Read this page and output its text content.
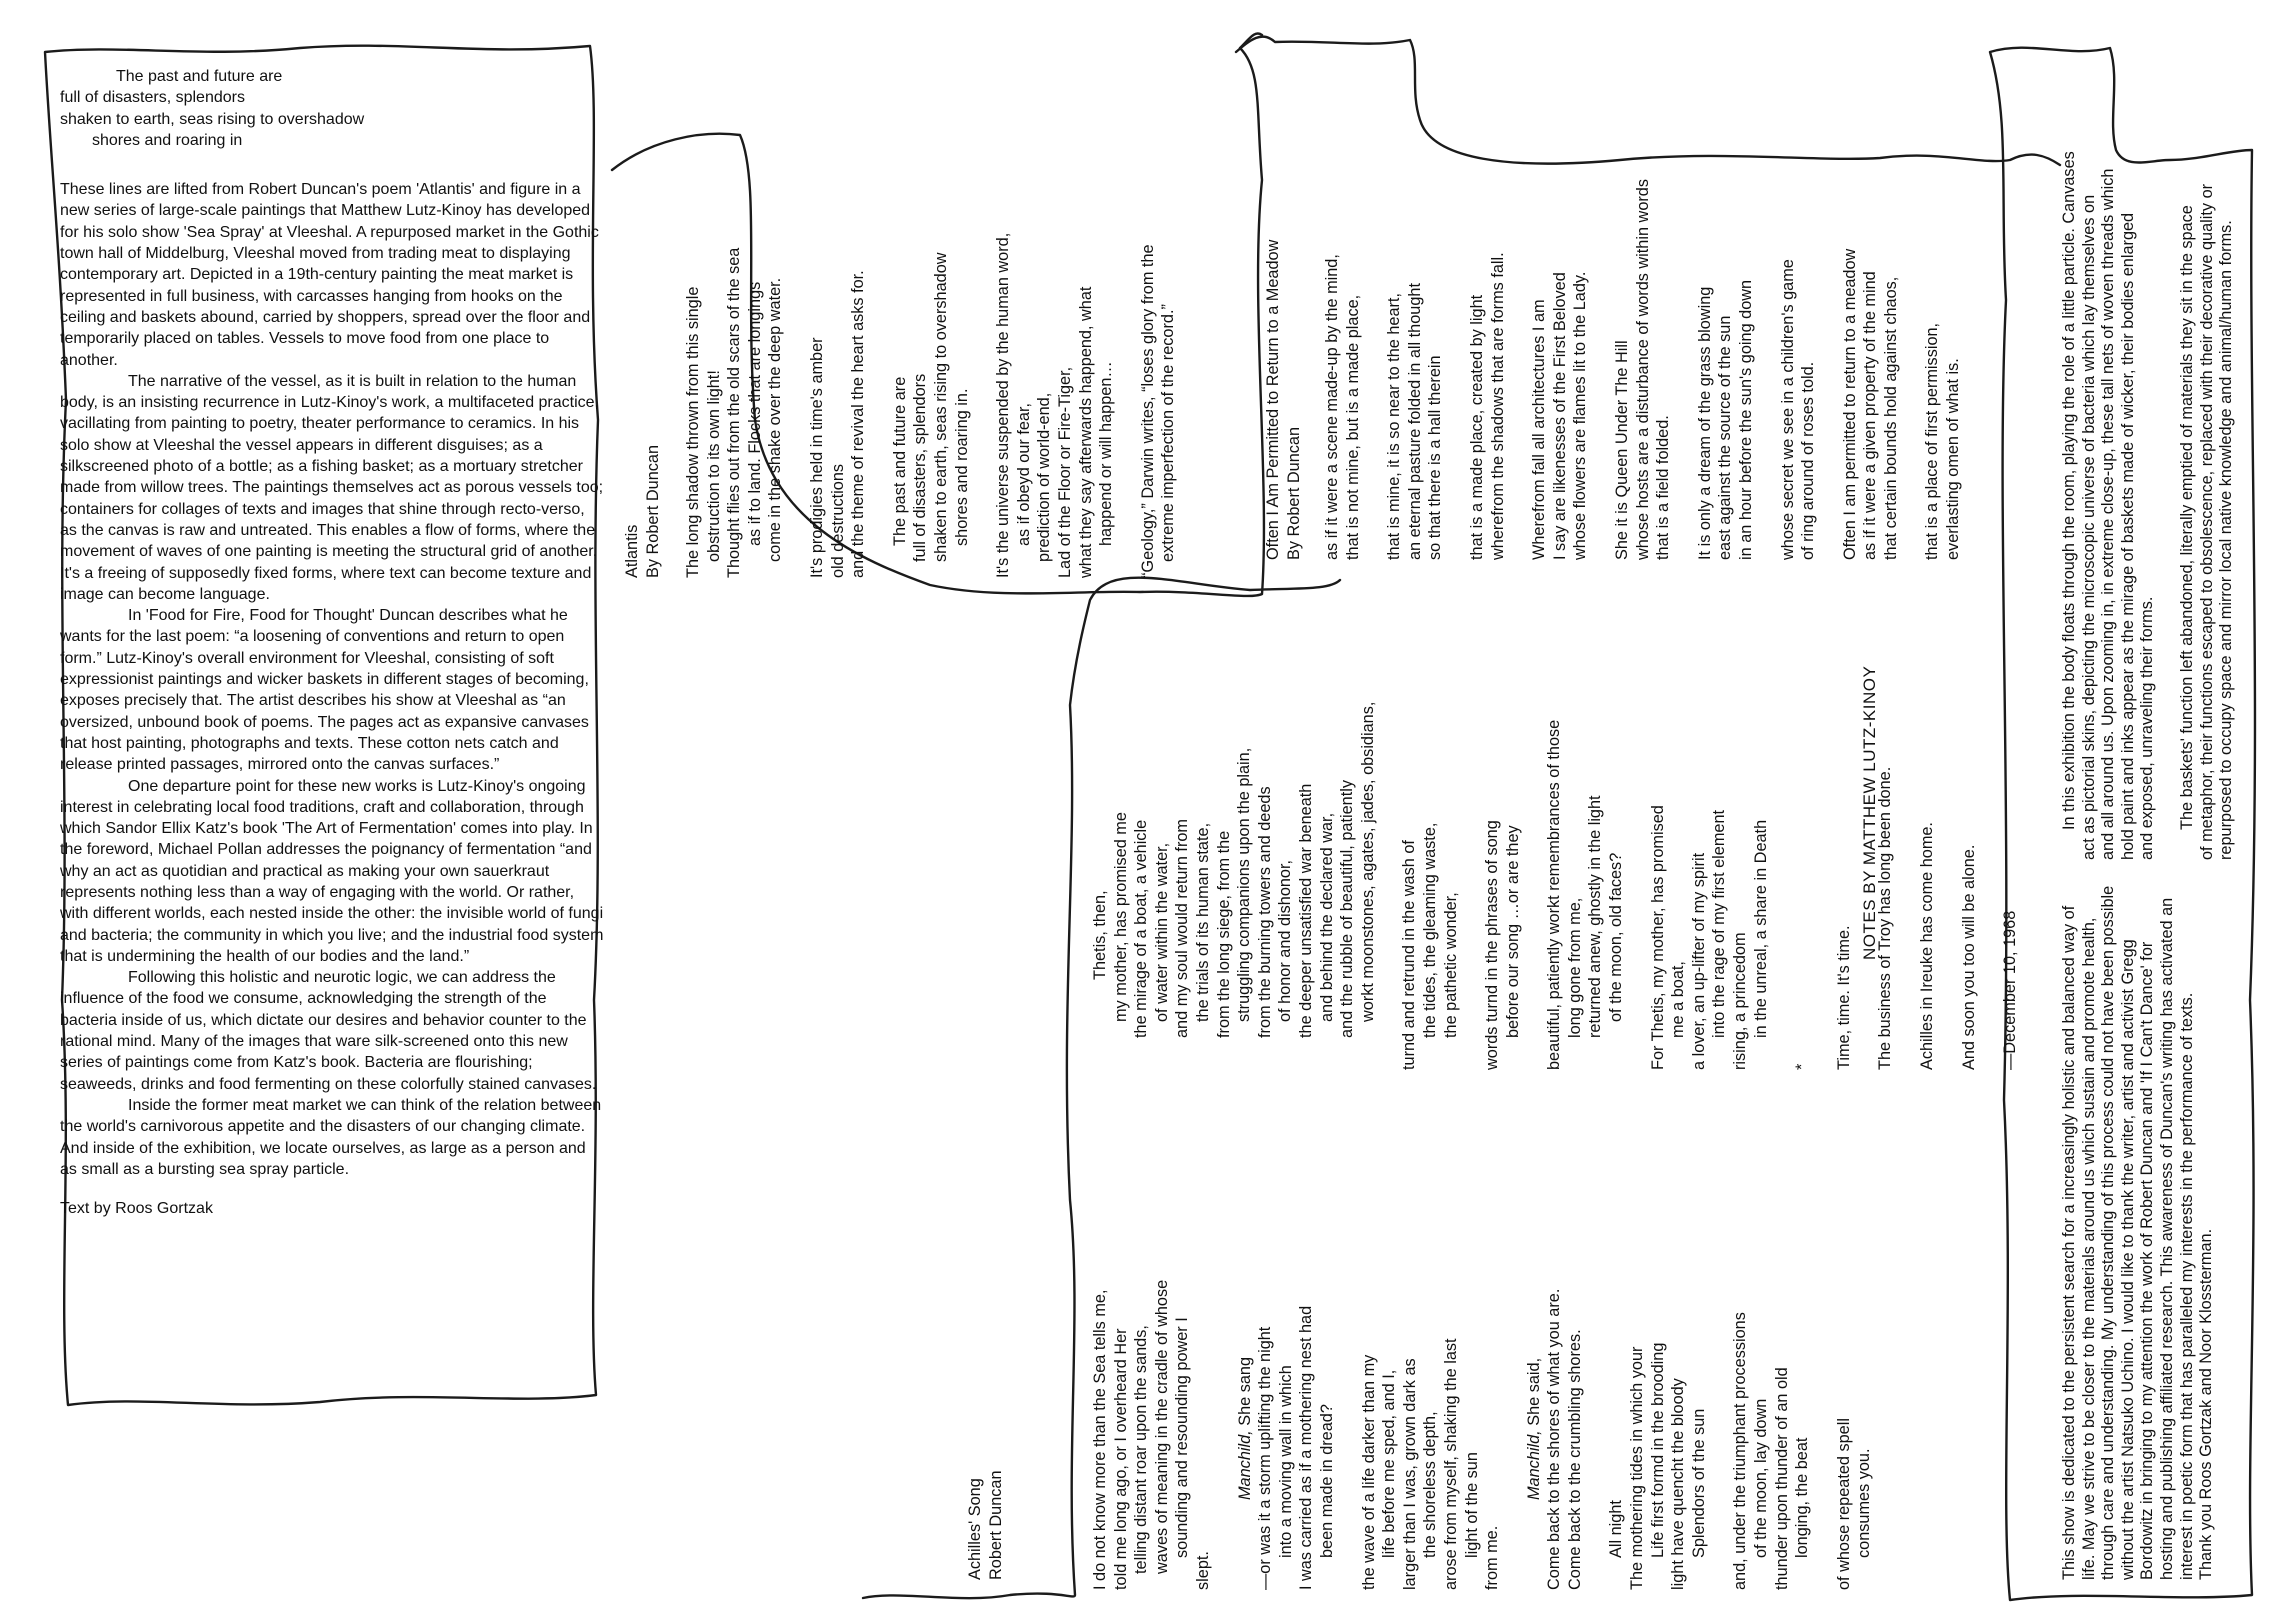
The past and future are
full of disasters, splendors
shaken to earth, seas rising to overshadow
shores and roaring in

These lines are lifted from Robert Duncan's poem 'Atlantis' and figure in a new series of large-scale paintings that Matthew Lutz-Kinoy has developed for his solo show 'Sea Spray' at Vleeshal. A repurposed market in the Gothic town hall of Middelburg, Vleeshal moved from trading meat to displaying contemporary art. Depicted in a 19th-century painting the meat market is represented in full business, with carcasses hanging from hooks on the ceiling and baskets abound, carried by shoppers, spread over the floor and temporarily placed on tables. Vessels to move food from one place to another.

The narrative of the vessel, as it is built in relation to the human body, is an insisting recurrence in Lutz-Kinoy's work, a multifaceted practice, vacillating from painting to poetry, theater performance to ceramics. In his solo show at Vleeshal the vessel appears in different disguises; as a silkscreened photo of a bottle; as a fishing basket; as a mortuary stretcher made from willow trees. The paintings themselves act as porous vessels too; containers for collages of texts and images that shine through recto-verso, as the canvas is raw and untreated. This enables a flow of forms, where the movement of waves of one painting is meeting the structural grid of another. It's a freeing of supposedly fixed forms, where text can become texture and image can become language.

In 'Food for Fire, Food for Thought' Duncan describes what he wants for the last poem: “a loosening of conventions and return to open form.” Lutz-Kinoy's overall environment for Vleeshal, consisting of soft expressionist paintings and wicker baskets in different stages of becoming, exposes precisely that. The artist describes his show at Vleeshal as “an oversized, unbound book of poems. The pages act as expansive canvases that host painting, photographs and texts. These cotton nets catch and release printed passages, mirrored onto the canvas surfaces.”

One departure point for these new works is Lutz-Kinoy's ongoing interest in celebrating local food traditions, craft and collaboration, through which Sandor Ellix Katz's book 'The Art of Fermentation' comes into play. In the foreword, Michael Pollan addresses the poignancy of fermentation “and why an act as quotidian and practical as making your own sauerkraut represents nothing less than a way of engaging with the world. Or rather, with different worlds, each nested inside the other: the invisible world of fungi and bacteria; the community in which you live; and the industrial food system that is undermining the health of our bodies and the land.”

Following this holistic and neurotic logic, we can address the influence of the food we consume, acknowledging the strength of the bacteria inside of us, which dictate our desires and behavior counter to the rational mind. Many of the images that ware silk-screened onto this new series of paintings come from Katz's book. Bacteria are flourishing; seaweeds, drinks and food fermenting on these colorfully stained canvases.

Inside the former meat market we can think of the relation between the world's carnivorous appetite and the disasters of our changing climate. And inside of the exhibition, we locate ourselves, as large as a person and as small as a bursting sea spray particle.

Text by Roos Gortzak

Atlantis By Robert Duncan The long shadow thrown from this single obstruction to its own light! Thought flies out from the old scars of the sea as if to land. Flocks that are longings come in the shake over the deep water. It's prodigies held in time's amber old destructions and the theme of revival the heart asks for. The past and future are full of disasters, splendors shaken to earth, seas rising to overshadow shores and roaring in. It's the universe suspended by the human word, as if obeyd our fear, prediction of world-end, Lad of the Floor or Fire-Tiger, what they say afterwards happend, what happend or will happen… “Geology,” Darwin writes, “loses glory from the extreme imperfection of the record.”	Often I Am Permitted to Return to a Meadow By Robert Duncan as if it were a scene made-up by the mind, that is not mine, but is a made place, that is mine, it is so near to the heart, an eternal pasture folded in all thought so that there is a hall therein that is a made place, created by light wherefrom the shadows that are forms fall. Wherefrom fall all architectures I am I say are likenesses of the First Beloved whose flowers are flames lit to the Lady. She it is Queen Under The Hill whose hosts are a disturbance of words within words that is a field folded. It is only a dream of the grass blowing east against the source of the sun in an hour before the sun's going down whose secret we see in a children's game of ring around of roses told. Often I am permitted to return to a meadow as if it were a given property of the mind that certain bounds hold against chaos, that is a place of first permission, everlasting omen of what is.
Achilles' Song Robert Duncan	I do not know more than the Sea tells me, told me long ago, or I overheard Her telling distant roar upon the sands, waves of meaning in the cradle of whose sounding and resounding power I
slept.
Manchild, She sang —or was it a storm uplifting the night into a moving wall in which I was carried as if a mothering nest had been made in dread? the wave of a life darker than my life before me sped, and I, larger than I was, grown dark as the shoreless depth, arose from myself, shaking the last light of the sun from me.
Manchild, She said, Come back to the shores of what you are. Come back to the crumbling shores. All night The mothering tides in which your Life first formd in the brooding light have quencht the bloody Splendors of the sun and, under the triumphant processions of the moon, lay down thunder upon thunder of an old longing, the beat of whose repeated spell consumes you.
Thetis, then, my mother, has promised me the mirage of a boat, a vehicle of water within the water, and my soul would return from the trials of its human state, from the long siege, from the struggling companions upon the plain, from the burning towers and deeds of honor and dishonor, the deeper unsatisfied war beneath and behind the declared war, and the rubble of beautiful, patiently workt moonstones, agates, jades, obsidians, turnd and retrund in the wash of the tides, the gleaming waste, the pathetic wonder, words turnd in the phrases of song before our song …or are they beautiful, patiently workt remembrances of those long gone from me, returned anew, ghostly in the light of the moon, old faces? For Thetis, my mother, has promised me a boat, a lover, an up-lifter of my spirit into the rage of my first element rising, a princedom in the unreal, a share in Death
* Time, time. It's time. The business of Troy has long been done. Achilles in Ireuke has come home. And soon you too will be alone. —December 10, 1968
NOTES BY MATTHEW LUTZ-KINOY

This show is dedicated to the persistent search for a increasingly holistic and balanced way of life. May we strive to be closer to the materials around us which sustain and promote health, through care and understanding. My understanding of this process could not have been possible without the artist Natsuko Uchino. I would like to thank the writer, artist and activist Gregg Bordowitz in bringing to my attention the work of Robert Duncan and 'If I Can't Dance' for hosting and publishing affiliated research. This awareness of Duncan's writing has activated an interest in poetic form that has paralleled my interests in the performance of texts. Thank you Roos Gortzak and Noor Klossterman.

In this exhibition the body floats through the room, playing the role of a little particle. Canvases act as pictorial skins, depicting the microscopic universe of bacteria which lay themselves on and all around us. Upon zooming in, in extreme close-up, these tall nets of woven threads which hold paint and inks appear as the mirage of baskets made of wicker, their bodies enlarged and exposed, unraveling their forms. The baskets' function left abandoned, literally emptied of materials they sit in the space of metaphor, their functions escaped to obsolescence, replaced with their decorative quality or repurposed to occupy space and mirror local native knowledge and animal/human forms.
